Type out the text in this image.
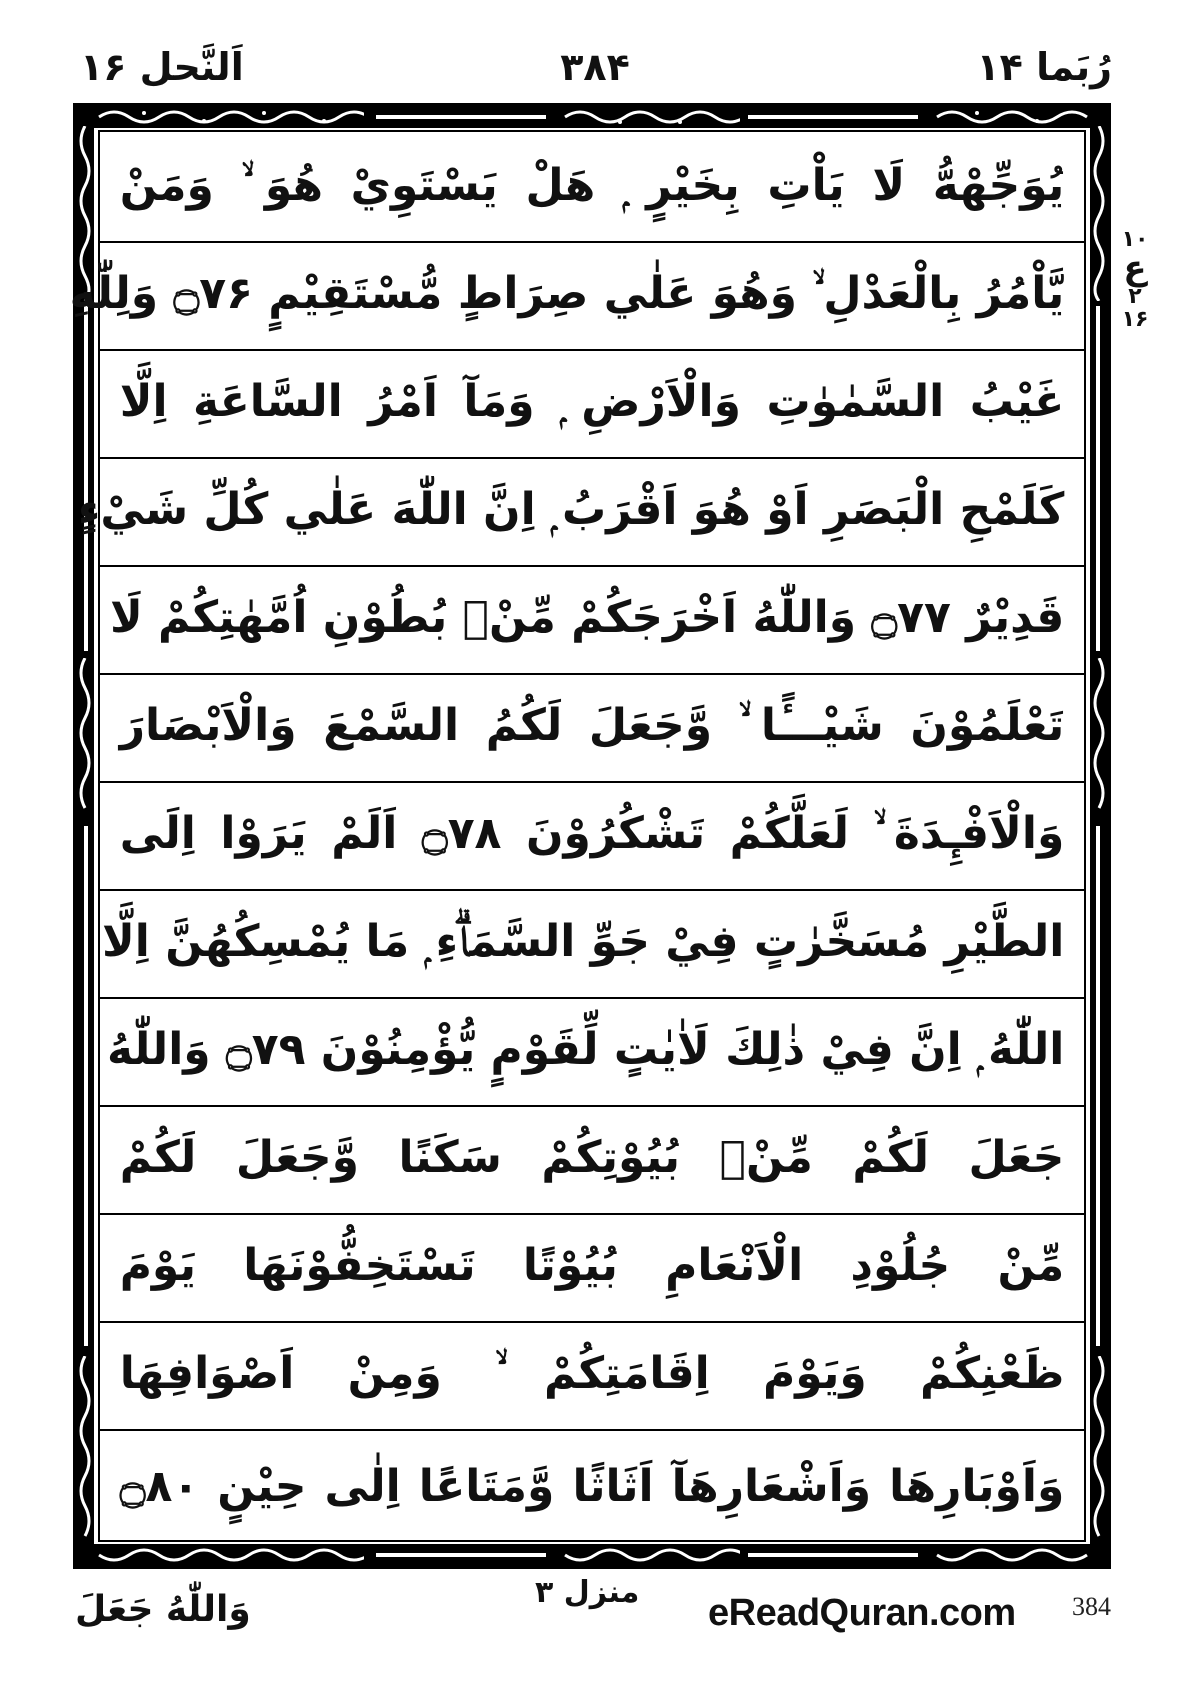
اَلنَّحل ۱۶	۳۸۴	رُبَما ۱۴
يُوَجِّهْهُّ لَا يَاْتِ بِخَيْرٍ ۭ هَلْ يَسْتَوِيْ هُوَ ۙ وَمَنْ
يَّاْمُرُ بِالْعَدْلِ ۙ وَهُوَ عَلٰي صِرَاطٍ مُّسْتَقِيْمٍ ۝۷۶ وَلِلّٰهِ
غَيْبُ السَّمٰوٰتِ وَالْاَرْضِ ۭ وَمَآ اَمْرُ السَّاعَةِ اِلَّا
كَلَمْحِ الْبَصَرِ اَوْ هُوَ اَقْرَبُ ۭ اِنَّ اللّٰهَ عَلٰي كُلِّ شَيْءٍ
قَدِيْرٌ ۝۷۷ وَاللّٰهُ اَخْرَجَكُمْ مِّنْۢ بُطُوْنِ اُمَّهٰتِكُمْ لَا
تَعْلَمُوْنَ شَيْـــًٔا ۙ وَّجَعَلَ لَكُمُ السَّمْعَ وَالْاَبْصَارَ
وَالْاَفْـِٕدَةَ ۙ لَعَلَّكُمْ تَشْكُرُوْنَ ۝۷۸ اَلَمْ يَرَوْا اِلَى
الطَّيْرِ مُسَخَّرٰتٍ فِيْ جَوِّ السَّمَاۗءِ ۭ مَا يُمْسِكُهُنَّ اِلَّا
اللّٰهُ ۭ اِنَّ فِيْ ذٰلِكَ لَاٰيٰتٍ لِّقَوْمٍ يُّؤْمِنُوْنَ ۝۷۹ وَاللّٰهُ
جَعَلَ لَكُمْ مِّنْۢ بُيُوْتِكُمْ سَكَنًا وَّجَعَلَ لَكُمْ
مِّنْ جُلُوْدِ الْاَنْعَامِ بُيُوْتًا تَسْتَخِفُّوْنَهَا يَوْمَ
ظَعْنِكُمْ وَيَوْمَ اِقَامَتِكُمْ ۙ وَمِنْ اَصْوَافِهَا
وَاَوْبَارِهَا وَاَشْعَارِهَآ اَثَاثًا وَّمَتَاعًا اِلٰى حِيْنٍ ۝۸۰
۱۰
ع
۲
۱۶
وَاللّٰهُ جَعَلَ	منزل ۳ eReadQuran.com 384
